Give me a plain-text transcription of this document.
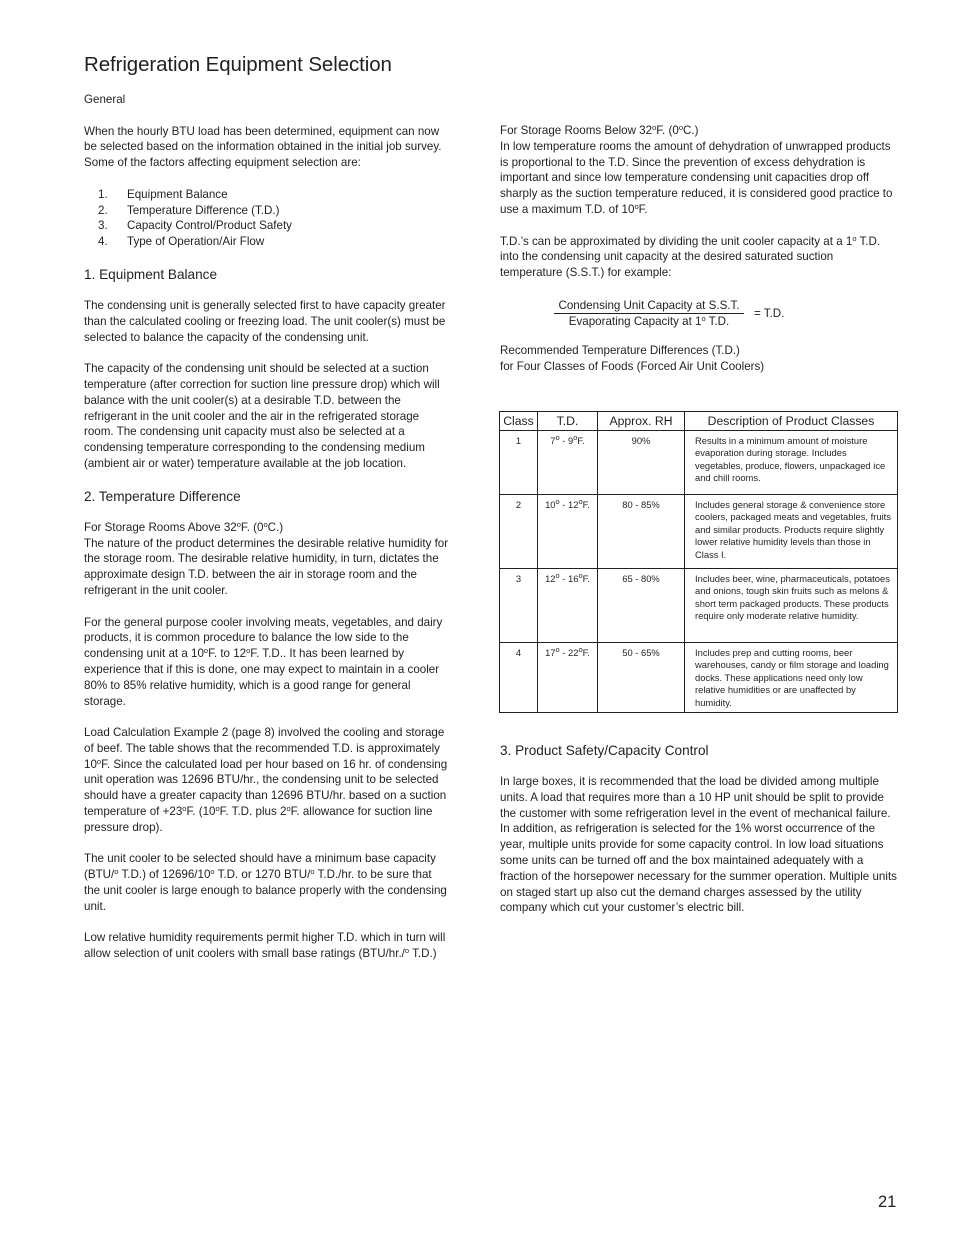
Refrigeration Equipment Selection

General

When the hourly BTU load has been determined, equipment can now be selected based on the information obtained in the initial job survey. Some of the factors affecting equipment selection are:

1.	Equipment Balance
2.	Temperature Difference (T.D.)
3.	Capacity Control/Product Safety
4.	Type of Operation/Air Flow
1. Equipment Balance

The condensing unit is generally selected first to have capacity greater than the calculated cooling or freezing load. The unit cooler(s) must be selected to balance the capacity of the condensing unit.

The capacity of the condensing unit should be selected at a suction temperature (after correction for suction line pressure drop) which will balance with the unit cooler(s) at a desirable T.D. between the refrigerant in the unit cooler and the air in the refrigerated storage room. The condensing unit capacity must also be selected at a condensing temperature corresponding to the condensing medium (ambient air or water) temperature available at the job location.

2. Temperature Difference

For Storage Rooms Above 32$^o$F. (0$^o$C.)

The nature of the product determines the desirable relative humidity for the storage room. The desirable relative humidity, in turn, dictates the approximate design T.D. between the air in storage room and the refrigerant in the unit cooler.

For the general purpose cooler involving meats, vegetables, and dairy products, it is common procedure to balance the low side to the condensing unit at a 10$^o$F. to 12$^o$F. T.D.. It has been learned by experience that if this is done, one may expect to maintain in a cooler 80% to 85% relative humidity, which is a good range for general storage.

Load Calculation Example 2 (page 8) involved the cooling and storage of beef. The table shows that the recommended T.D. is approximately 10$^o$F. Since the calculated load per hour based on 16 hr. of condensing unit operation was 12696 BTU/hr., the condensing unit to be selected should have a greater capacity than 12696 BTU/hr. based on a suction temperature of $+23^oF$. (10$^o$F. T.D. plus 2$^o$F. allowance for suction line pressure drop).

The unit cooler to be selected should have a minimum base capacity (BTU/$^o$ T.D.) of 12696/10$^o$ T.D. or 1270 BTU/$^o$ T.D./hr. to be sure that the unit cooler is large enough to balance properly with the condensing unit.

Low relative humidity requirements permit higher T.D. which in turn will allow selection of unit coolers with small base ratings (BTU/hr./$^o$ T.D.)

For Storage Rooms Below 32$^o$F. (0$^o$C.)

In low temperature rooms the amount of dehydration of unwrapped products is proportional to the T.D. Since the prevention of excess dehydration is important and since low temperature condensing unit capacities drop off sharply as the suction temperature reduced, it is considered good practice to use a maximum T.D. of 10$^o$F.

T.D.’s can be approximated by dividing the unit cooler capacity at a 1$^o$ T.D. into the condensing unit capacity at the desired saturated suction temperature (S.S.T.) for example:

Condensing Unit Capacity at S.S.T.
Evaporating Capacity at 1$^o$ T.D.
= T.D.

Recommended Temperature Differences (T.D.)

for Four Classes of Foods (Forced Air Unit Coolers)

Class	T.D.	Approx. RH	Description of Product Classes
1	7$^o$ - 9$^o$F.	90%	Results in a minimum amount of moisture evaporation during storage. Includes vegetables, produce, flowers, unpackaged ice and chill rooms.
2	10$^o$ - 12$^o$F.	80 - 85%	Includes general storage & convenience store coolers, packaged meats and vegetables, fruits and similar products. Products require slightly lower relative humidity levels than those in Class I.
3	12$^o$ - 16$^o$F.	65 - 80%	Includes beer, wine, pharmaceuticals, potatoes and onions, tough skin fruits such as melons & short term packaged products. These products require only moderate relative humidity.
4	17$^o$ - 22$^o$F.	50 - 65%	Includes prep and cutting rooms, beer warehouses, candy or film storage and loading docks. These applications need only low relative humidities or are unaffected by humidity.
3. Product Safety/Capacity Control

In large boxes, it is recommended that the load be divided among multiple units. A load that requires more than a 10 HP unit should be split to provide the customer with some refrigeration level in the event of mechanical failure. In addition, as refrigeration is selected for the 1% worst occurrence of the year, multiple units provide for some capacity control. In low load situations some units can be turned off and the box maintained adequately with a fraction of the horsepower necessary for the summer operation. Multiple units on staged start up also cut the demand charges assessed by the utility company which cut your customer’s electric bill.

21
